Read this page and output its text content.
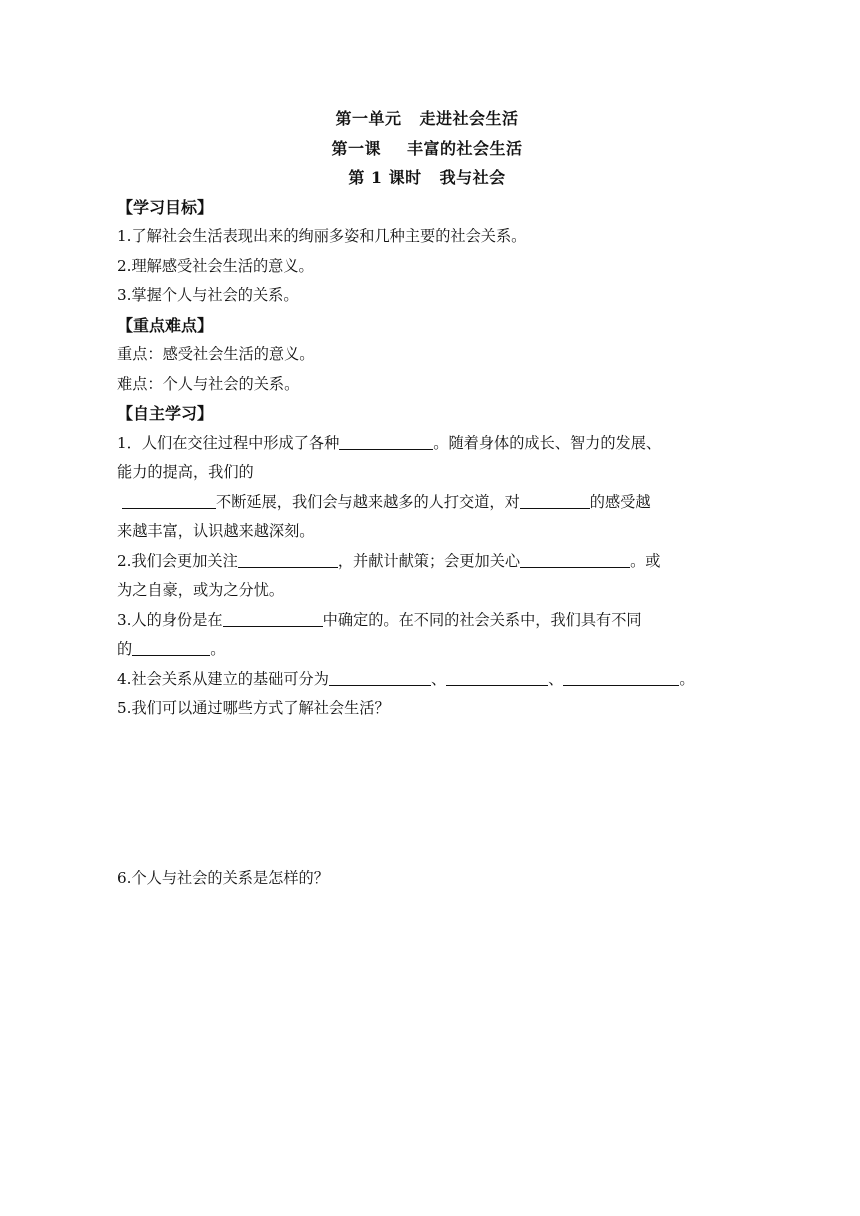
第一单元 走进社会生活
第一课 丰富的社会生活
第 1 课时 我与社会
【学习目标】
1.了解社会生活表现出来的绚丽多姿和几种主要的社会关系。
2.理解感受社会生活的意义。
3.掌握个人与社会的关系。
【重点难点】
重点：感受社会生活的意义。
难点：个人与社会的关系。
【自主学习】
1．人们在交往过程中形成了各种	。随着身体的成长、智力的发展、
能力的提高，我们的
不断延展，我们会与越来越多的人打交道，对	的感受越
来越丰富，认识越来越深刻。
2.我们会更加关注	，并献计献策；会更加关心	。或
为之自豪，或为之分忧。
3.人的身份是在	中确定的。在不同的社会关系中，我们具有不同
的	。
4.社会关系从建立的基础可分为	、	、	。
5.我们可以通过哪些方式了解社会生活？
6.个人与社会的关系是怎样的？
